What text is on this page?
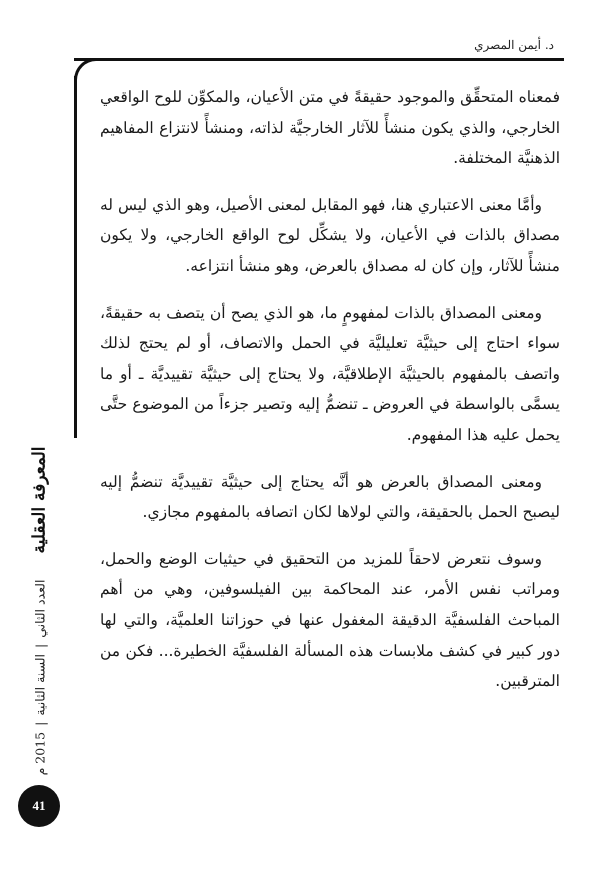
د. أيمن المصري

فمعناه المتحقِّق والموجود حقيقةً في متن الأعيان، والمكوِّن للوح الواقعي الخارجي، والذي يكون منشأً للآثار الخارجيَّة لذاته، ومنشأً لانتزاع المفاهيم الذهنيَّة المختلفة.

وأمَّا معنى الاعتباري هنا، فهو المقابل لمعنى الأصيل، وهو الذي ليس له مصداق بالذات في الأعيان، ولا يشكِّل لوح الواقع الخارجي، ولا يكون منشأً للآثار، وإن كان له مصداق بالعرض، وهو منشأ انتزاعه.

ومعنى المصداق بالذات لمفهومٍ ما، هو الذي يصح أن يتصف به حقيقةً، سواء احتاج إلى حيثيَّة تعليليَّة في الحمل والاتصاف، أو لم يحتج لذلك واتصف بالمفهوم بالحيثيَّة الإطلاقيَّة، ولا يحتاج إلى حيثيَّة تقييديَّة ـ أو ما يسمَّى بالواسطة في العروض ـ تنضمُّ إليه وتصير جزءاً من الموضوع حتَّى يحمل عليه هذا المفهوم.

ومعنى المصداق بالعرض هو أنَّه يحتاج إلى حيثيَّة تقييديَّة تنضمُّ إليه ليصبح الحمل بالحقيقة، والتي لولاها لكان اتصافه بالمفهوم مجازي.

وسوف نتعرض لاحقاً للمزيد من التحقيق في حيثيات الوضع والحمل، ومراتب نفس الأمر، عند المحاكمة بين الفيلسوفين، وهي من أهم المباحث الفلسفيَّة الدقيقة المغفول عنها في حوزاتنا العلميَّة، والتي لها دور كبير في كشف ملابسات هذه المسألة الفلسفيَّة الخطيرة... فكن من المترقبين.

المعرفة العقلية
العدد الثاني|السنة الثانية|2015 م
41
